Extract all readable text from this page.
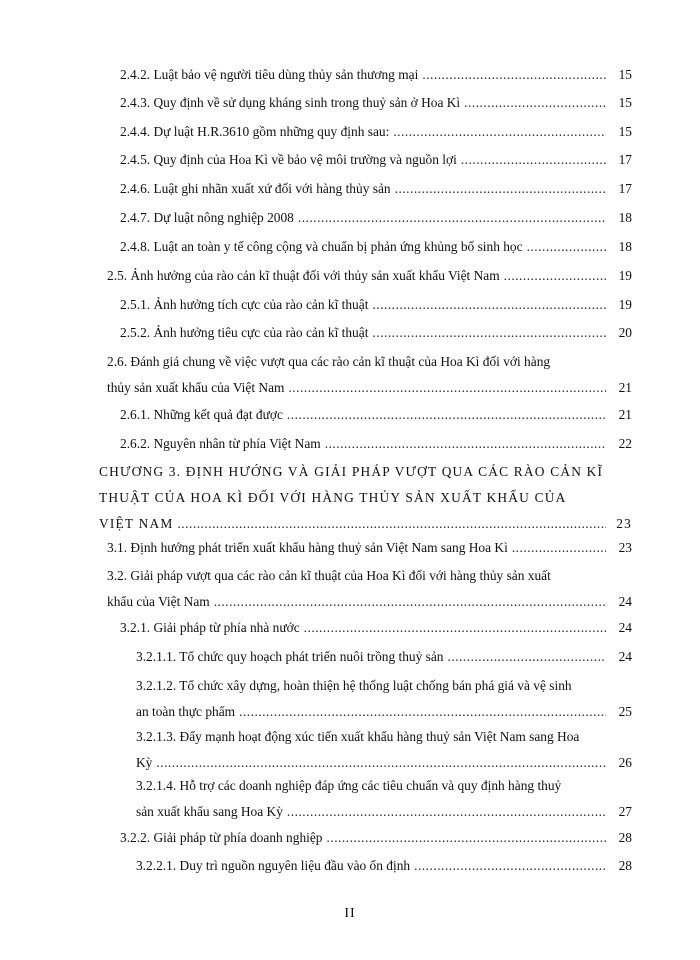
2.4.2. Luật bảo vệ người tiêu dùng thủy sản thương mại .....	15
2.4.3. Quy định về sử dụng kháng sinh trong thuỷ sản ở Hoa Kì .....	15
2.4.4. Dự luật H.R.3610 gồm những quy định sau: .....	15
2.4.5. Quy định của Hoa Kì về bảo vệ môi trường và nguồn lợi .....	17
2.4.6. Luật ghi nhãn xuất xứ đối với hàng thủy sản .....	17
2.4.7. Dự luật nông nghiệp 2008 .....	18
2.4.8. Luật an toàn y tế công cộng và chuẩn bị phản ứng khủng bố sinh học .....	18
2.5. Ảnh hưởng của rào cản kĩ thuật đối với thủy sản xuất khẩu Việt Nam .....	19
2.5.1. Ảnh hưởng tích cực của rào cản kĩ thuật .....	19
2.5.2. Ảnh hưởng tiêu cực của rào cản kĩ thuật .....	20
2.6. Đánh giá chung về việc vượt qua các rào cản kĩ thuật của Hoa Kì đối với hàng
thủy sản xuất khẩu của Việt Nam .....	21
2.6.1. Những kết quả đạt được .....	21
2.6.2. Nguyên nhân từ phía Việt Nam .....	22
CHƯƠNG 3. ĐỊNH HƯỚNG VÀ GIẢI PHÁP VƯỢT QUA CÁC RÀO CẢN KĨ
THUẬT CỦA HOA KÌ ĐỐI VỚI HÀNG THỦY SẢN XUẤT KHẨU CỦA
VIỆT NAM .....	23
3.1. Định hướng phát triển xuất khẩu hàng thuỷ sản Việt Nam sang Hoa Kì .....	23
3.2. Giải pháp vượt qua các rào cản kĩ thuật của Hoa Kì đối với hàng thủy sản xuất
khẩu của Việt Nam .....	24
3.2.1. Giải pháp từ phía nhà nước .....	24
3.2.1.1. Tổ chức quy hoạch phát triển nuôi trồng thuỷ sản .....	24
3.2.1.2. Tổ chức xây dựng, hoàn thiện hệ thống luật chống bán phá giá và vệ sinh
an toàn thực phẩm .....	25
3.2.1.3. Đẩy mạnh hoạt động xúc tiến xuất khẩu hàng thuỷ sản Việt Nam sang Hoa
Kỳ .....	26
3.2.1.4. Hỗ trợ các doanh nghiệp đáp ứng các tiêu chuẩn và quy định hàng thuỷ
sản xuất khẩu sang Hoa Kỳ .....	27
3.2.2. Giải pháp từ phía doanh nghiệp .....	28
3.2.2.1. Duy trì nguồn nguyên liệu đầu vào ổn định .....	28
II
